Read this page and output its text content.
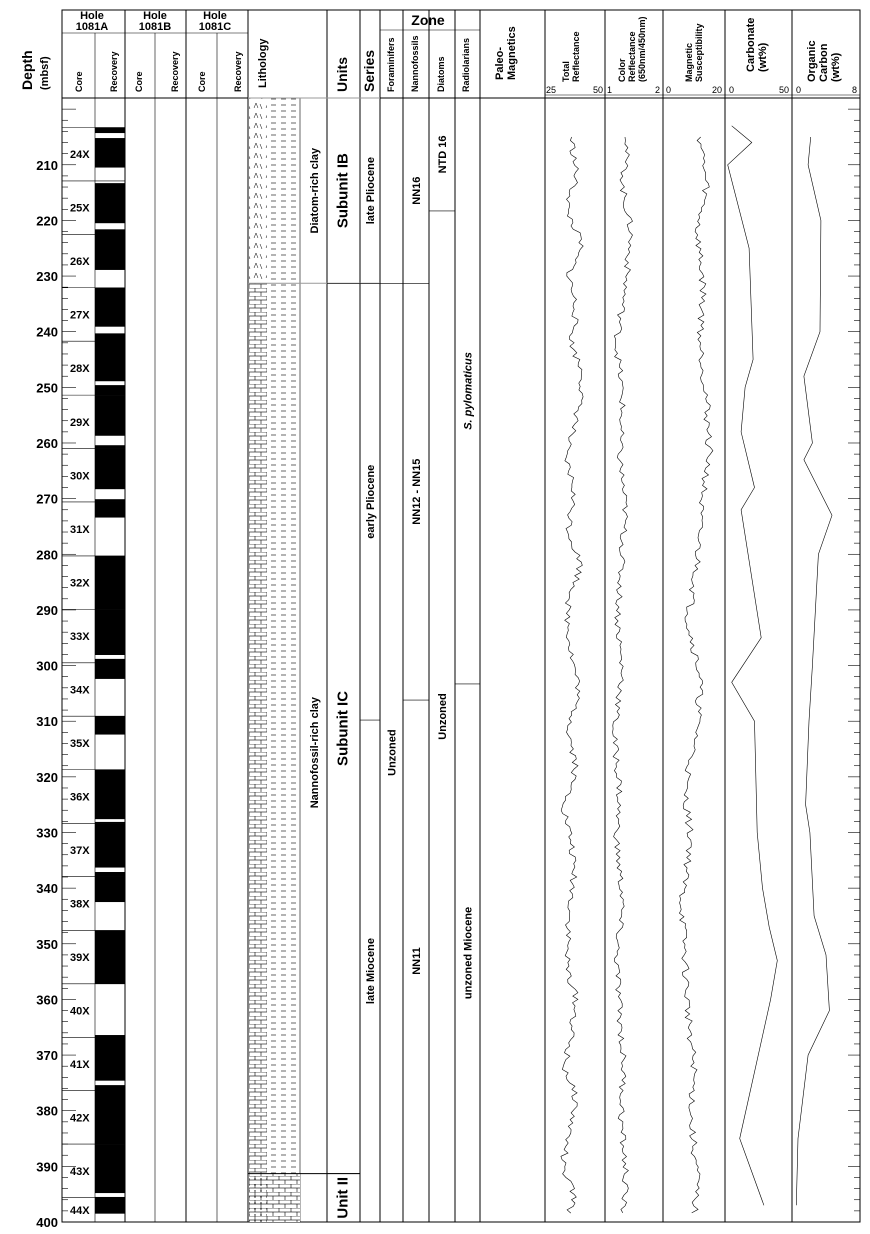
Depth (mbsf)
Hole
1081A
Hole
1081B
Hole
1081C
Core	Recovery Core	Recovery Core	Recovery Lithology	Units Series
Zone
Foraminifers Nannofossils Diatoms Radiolarians Paleo- Magnetics	Total Reflectance	Color Reflectance (650nm/450nm)	Magnetic Susceptibility	Carbonate (wt%)	Organic Carbon (wt%)
25	50 1	2 0	20 0	50 0	8
210
220
230
240
250
260
270
280
290
300
310
320
330
340
350
360
370
380
390
400
24X
25X
26X
27X
28X
29X
30X
31X
32X
33X
34X
35X
36X
37X
38X
39X
40X
41X
42X
43X
44X
Diatom-rich clay
Nannofossil-rich clay
Subunit IB
Subunit IC
Unit II
late Pliocene
early Pliocene
late Miocene
Unzoned
NN16
NN12 - NN15
NN11
NTD 16
Unzoned
S. pylomaticus
unzoned Miocene
